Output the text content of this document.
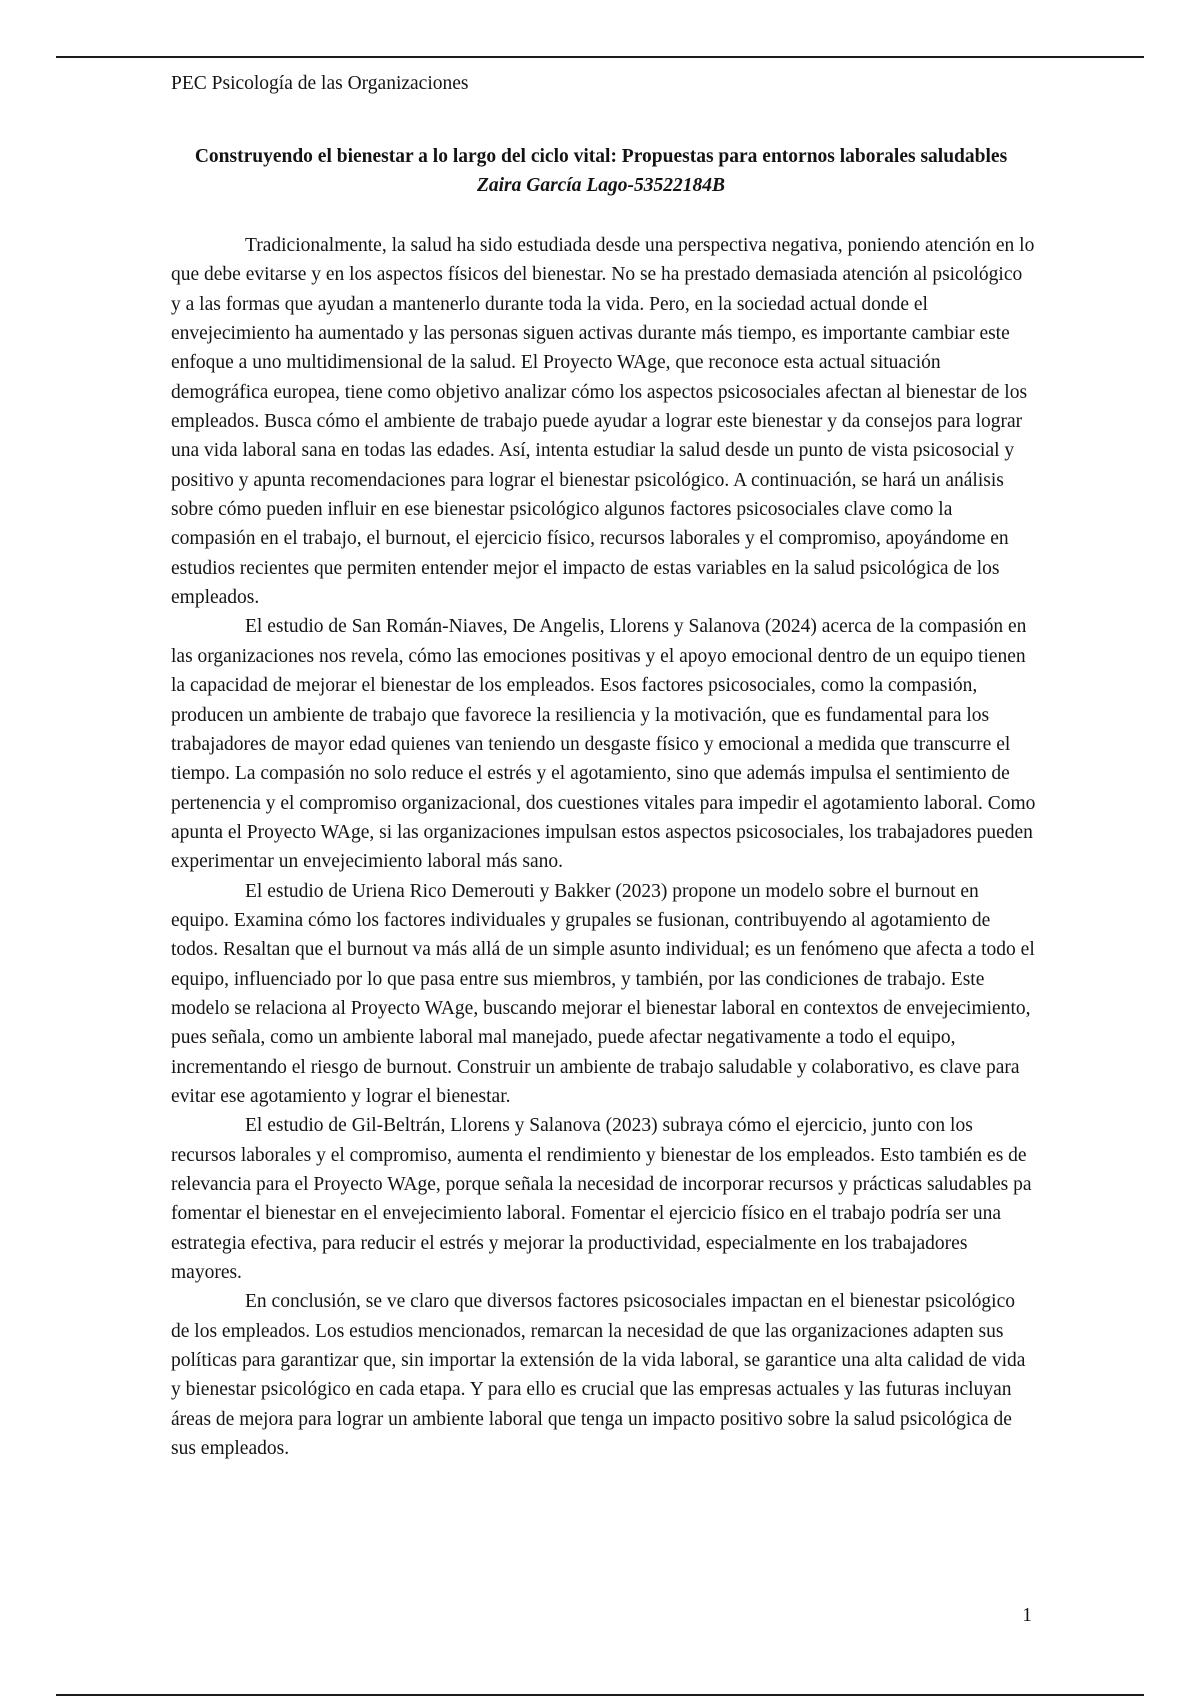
PEC Psicología de las Organizaciones

Construyendo el bienestar a lo largo del ciclo vital: Propuestas para entornos laborales saludables

Zaira García Lago-53522184B

Tradicionalmente, la salud ha sido estudiada desde una perspectiva negativa, poniendo atención en lo que debe evitarse y en los aspectos físicos del bienestar. No se ha prestado demasiada atención al psicológico y a las formas que ayudan a mantenerlo durante toda la vida. Pero, en la sociedad actual donde el envejecimiento ha aumentado y las personas siguen activas durante más tiempo, es importante cambiar este enfoque a uno multidimensional de la salud. El Proyecto WAge, que reconoce esta actual situación demográfica europea, tiene como objetivo analizar cómo los aspectos psicosociales afectan al bienestar de los empleados. Busca cómo el ambiente de trabajo puede ayudar a lograr este bienestar y da consejos para lograr una vida laboral sana en todas las edades. Así, intenta estudiar la salud desde un punto de vista psicosocial y positivo y apunta recomendaciones para lograr el bienestar psicológico. A continuación, se hará un análisis sobre cómo pueden influir en ese bienestar psicológico algunos factores psicosociales clave como la compasión en el trabajo, el burnout, el ejercicio físico, recursos laborales y el compromiso, apoyándome en estudios recientes que permiten entender mejor el impacto de estas variables en la salud psicológica de los empleados.

El estudio de San Román-Niaves, De Angelis, Llorens y Salanova (2024) acerca de la compasión en las organizaciones nos revela, cómo las emociones positivas y el apoyo emocional dentro de un equipo tienen la capacidad de mejorar el bienestar de los empleados. Esos factores psicosociales, como la compasión, producen un ambiente de trabajo que favorece la resiliencia y la motivación, que es fundamental para los trabajadores de mayor edad quienes van teniendo un desgaste físico y emocional a medida que transcurre el tiempo. La compasión no solo reduce el estrés y el agotamiento, sino que además impulsa el sentimiento de pertenencia y el compromiso organizacional, dos cuestiones vitales para impedir el agotamiento laboral. Como apunta el Proyecto WAge, si las organizaciones impulsan estos aspectos psicosociales, los trabajadores pueden experimentar un envejecimiento laboral más sano.

El estudio de Uriena Rico Demerouti y Bakker (2023) propone un modelo sobre el burnout en equipo. Examina cómo los factores individuales y grupales se fusionan, contribuyendo al agotamiento de todos. Resaltan que el burnout va más allá de un simple asunto individual; es un fenómeno que afecta a todo el equipo, influenciado por lo que pasa entre sus miembros, y también, por las condiciones de trabajo. Este modelo se relaciona al Proyecto WAge, buscando mejorar el bienestar laboral en contextos de envejecimiento, pues señala, como un ambiente laboral mal manejado, puede afectar negativamente a todo el equipo, incrementando el riesgo de burnout. Construir un ambiente de trabajo saludable y colaborativo, es clave para evitar ese agotamiento y lograr el bienestar.

El estudio de Gil-Beltrán, Llorens y Salanova (2023) subraya cómo el ejercicio, junto con los recursos laborales y el compromiso, aumenta el rendimiento y bienestar de los empleados. Esto también es de relevancia para el Proyecto WAge, porque señala la necesidad de incorporar recursos y prácticas saludables pa fomentar el bienestar en el envejecimiento laboral. Fomentar el ejercicio físico en el trabajo podría ser una estrategia efectiva, para reducir el estrés y mejorar la productividad, especialmente en los trabajadores mayores.

En conclusión, se ve claro que diversos factores psicosociales impactan en el bienestar psicológico de los empleados. Los estudios mencionados, remarcan la necesidad de que las organizaciones adapten sus políticas para garantizar que, sin importar la extensión de la vida laboral, se garantice una alta calidad de vida y bienestar psicológico en cada etapa. Y para ello es crucial que las empresas actuales y las futuras incluyan áreas de mejora para lograr un ambiente laboral que tenga un impacto positivo sobre la salud psicológica de sus empleados.

1
